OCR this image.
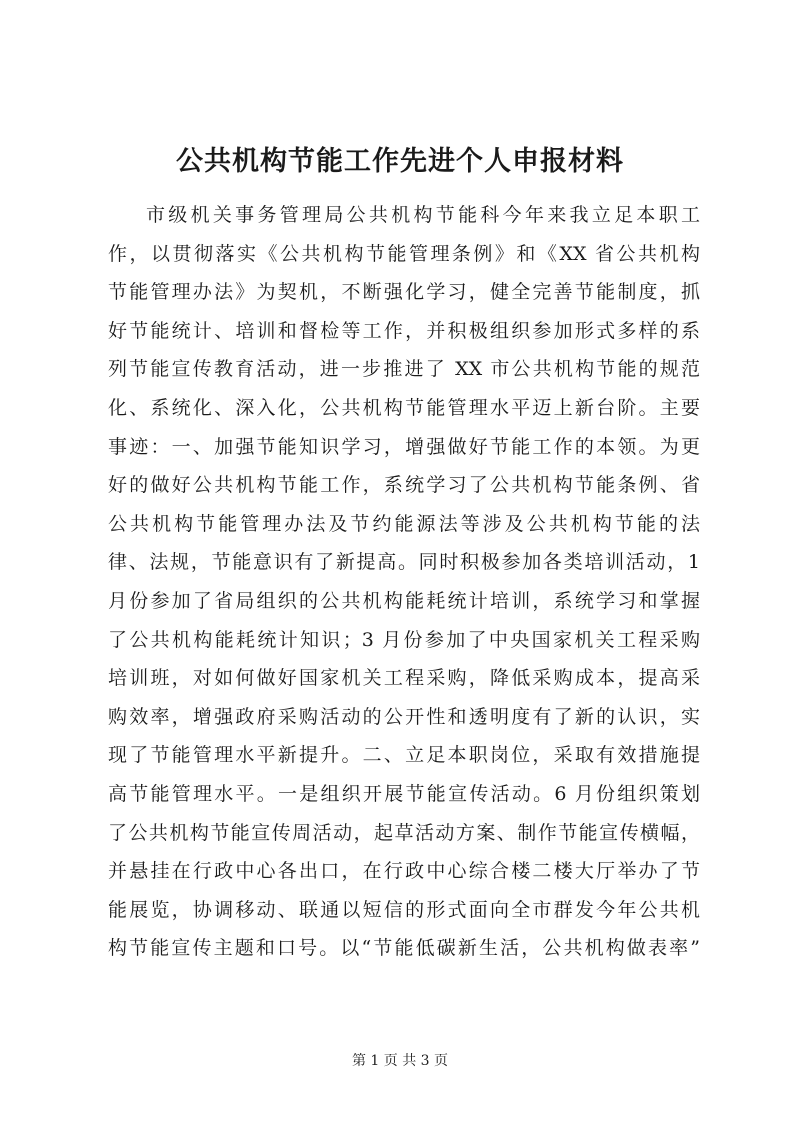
公共机构节能工作先进个人申报材料
市级机关事务管理局公共机构节能科今年来我立足本职工
作，以贯彻落实《公共机构节能管理条例》和《XX 省公共机构
节能管理办法》为契机，不断强化学习，健全完善节能制度，抓
好节能统计、培训和督检等工作，并积极组织参加形式多样的系
列节能宣传教育活动，进一步推进了 XX 市公共机构节能的规范
化、系统化、深入化，公共机构节能管理水平迈上新台阶。主要
事迹：一、加强节能知识学习，增强做好节能工作的本领。为更
好的做好公共机构节能工作，系统学习了公共机构节能条例、省
公共机构节能管理办法及节约能源法等涉及公共机构节能的法
律、法规，节能意识有了新提高。同时积极参加各类培训活动，1
月份参加了省局组织的公共机构能耗统计培训，系统学习和掌握
了公共机构能耗统计知识；3 月份参加了中央国家机关工程采购
培训班，对如何做好国家机关工程采购，降低采购成本，提高采
购效率，增强政府采购活动的公开性和透明度有了新的认识，实
现了节能管理水平新提升。二、立足本职岗位，采取有效措施提
高节能管理水平。一是组织开展节能宣传活动。6 月份组织策划
了公共机构节能宣传周活动，起草活动方案、制作节能宣传横幅，
并悬挂在行政中心各出口，在行政中心综合楼二楼大厅举办了节
能展览，协调移动、联通以短信的形式面向全市群发今年公共机
构节能宣传主题和口号。以“节能低碳新生活，公共机构做表率”
第 1 页 共 3 页
